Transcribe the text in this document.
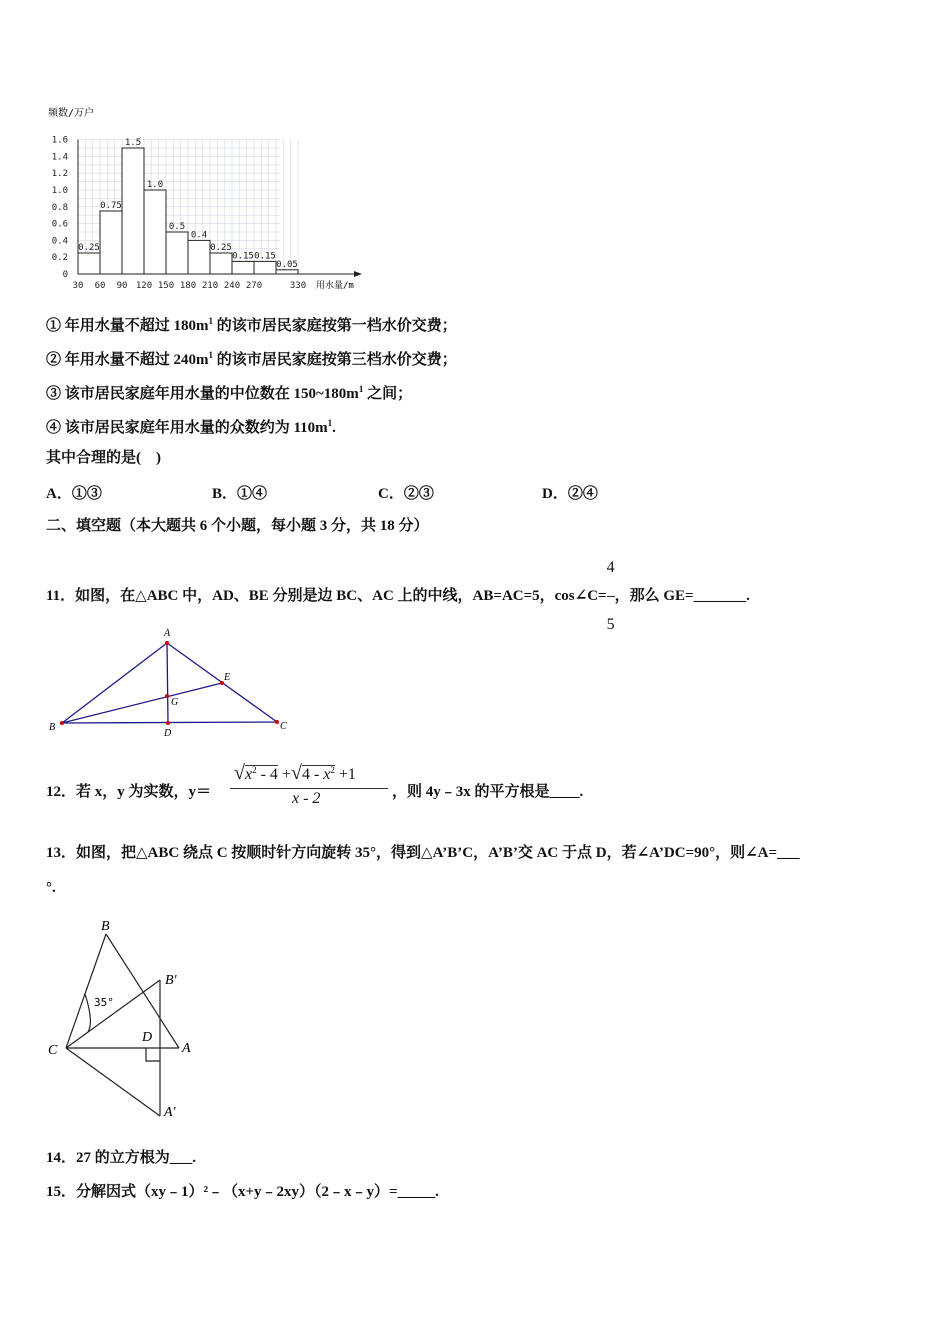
0.25
0.75
1.5
1.0
0.5
0.4
0.25
0.15 0.15
0.05
0
0.2
0.4
0.6
0.8
1.0
1.2
1.4
1.6
30 60 90 120 150 180 210 240 270	330
频数/万户
用水量/m
① 年用水量不超过 $180m^1$ 的该市居民家庭按第一档水价交费；
② 年用水量不超过 $240m^1$ 的该市居民家庭按第三档水价交费；
③ 该市居民家庭年用水量的中位数在 $150\sim 180m^1$ 之间；
④ 该市居民家庭年用水量的众数约为 $110m^1$.
其中合理的是(　)
A．①③	B．①④	C．②③	D．②④
二、填空题（本大题共 6 个小题，每小题 3 分，共 18 分）
11．如图，在△ABC 中，AD、BE 分别是边 BC、AC 上的中线，AB=AC=5，cos∠C= $\frac{4}{5}$ ，那么 GE=_______.
A
B	C
D
E
G
12．若 x，y 为实数，y＝
$√x^2 - 4 +√4 - x^2 +1$
x - 2	，则 4y﹣3x 的平方根是____.
13．如图，把△ABC 绕点 C 按顺时针方向旋转 35°，得到△A’B’C，A’B’交 AC 于点 D，若∠A’DC=90°，则∠A=___
°.
B
B'
C
D
A
A'
35°
14．27 的立方根为___.
15．分解因式（xy﹣1）²﹣（x+y﹣2xy）（2﹣x﹣y）=_____.
